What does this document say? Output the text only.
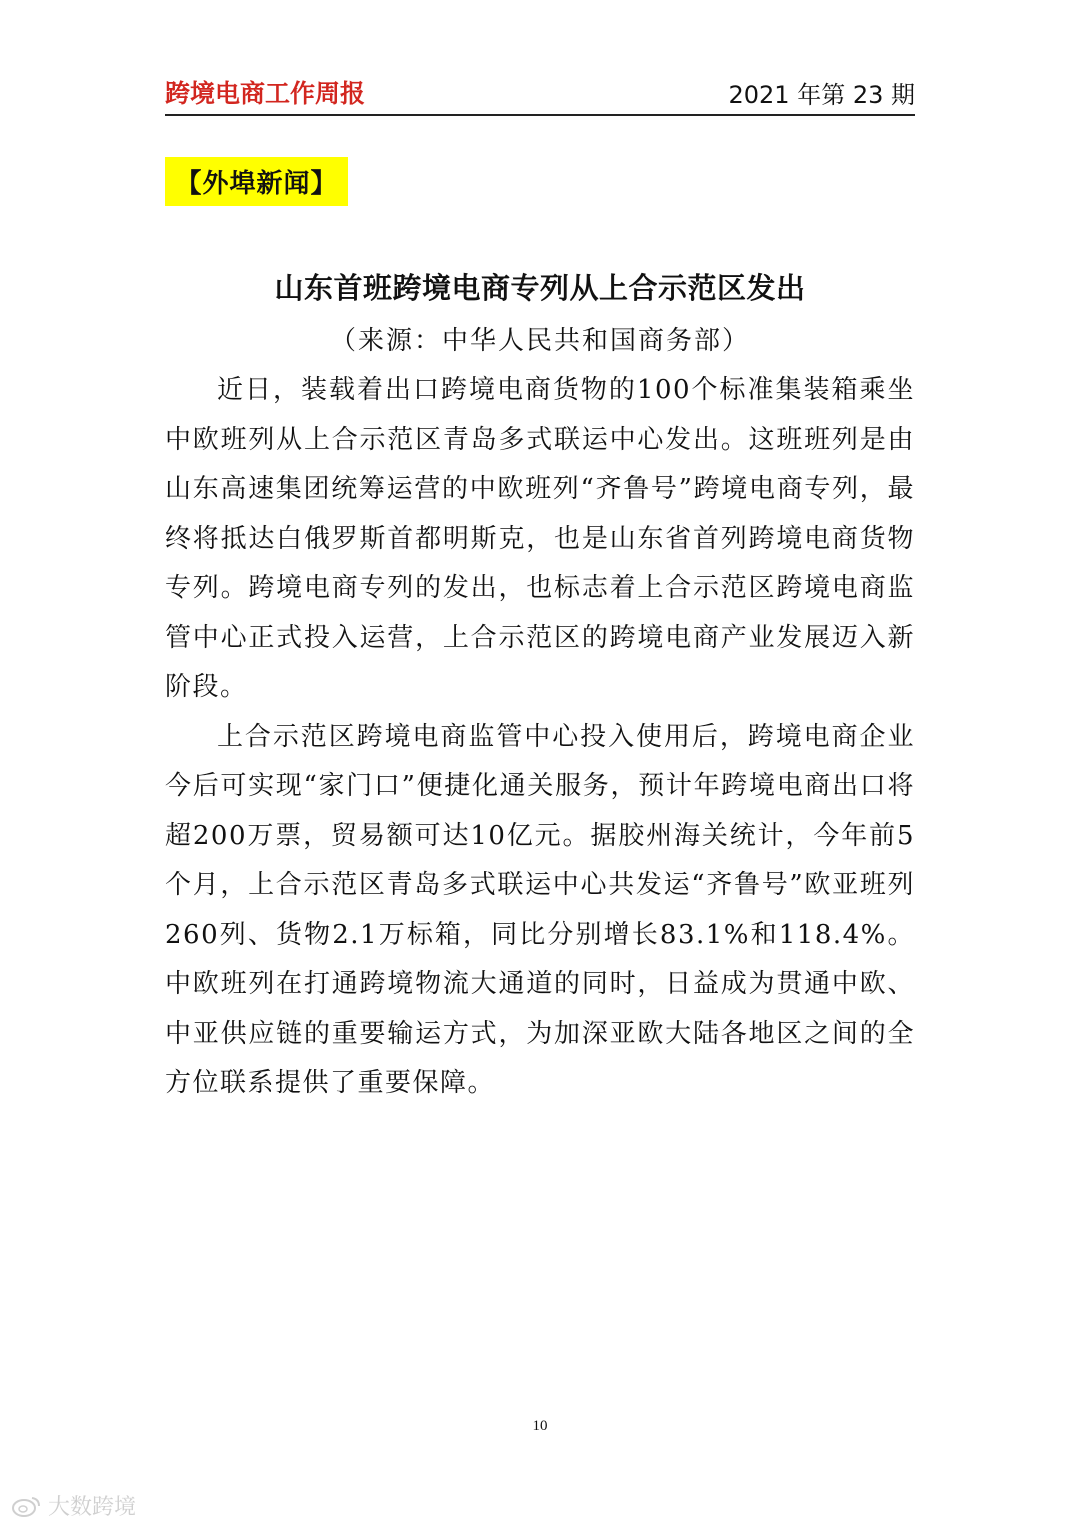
跨境电商工作周报	2021 年第 23 期
【外埠新闻】
山东首班跨境电商专列从上合示范区发出
（来源：中华人民共和国商务部）

近日，装载着出口跨境电商货物的100个标准集装箱乘坐中欧班列从上合示范区青岛多式联运中心发出。这班班列是由山东高速集团统筹运营的中欧班列“齐鲁号”跨境电商专列，最终将抵达白俄罗斯首都明斯克，也是山东省首列跨境电商货物专列。跨境电商专列的发出，也标志着上合示范区跨境电商监管中心正式投入运营，上合示范区的跨境电商产业发展迈入新阶段。

上合示范区跨境电商监管中心投入使用后，跨境电商企业今后可实现“家门口”便捷化通关服务，预计年跨境电商出口将超200万票，贸易额可达10亿元。据胶州海关统计，今年前5个月，上合示范区青岛多式联运中心共发运“齐鲁号”欧亚班列260列、货物2.1万标箱，同比分别增长83.1%和118.4%。中欧班列在打通跨境物流大通道的同时，日益成为贯通中欧、中亚供应链的重要输运方式，为加深亚欧大陆各地区之间的全方位联系提供了重要保障。

10
大数跨境
